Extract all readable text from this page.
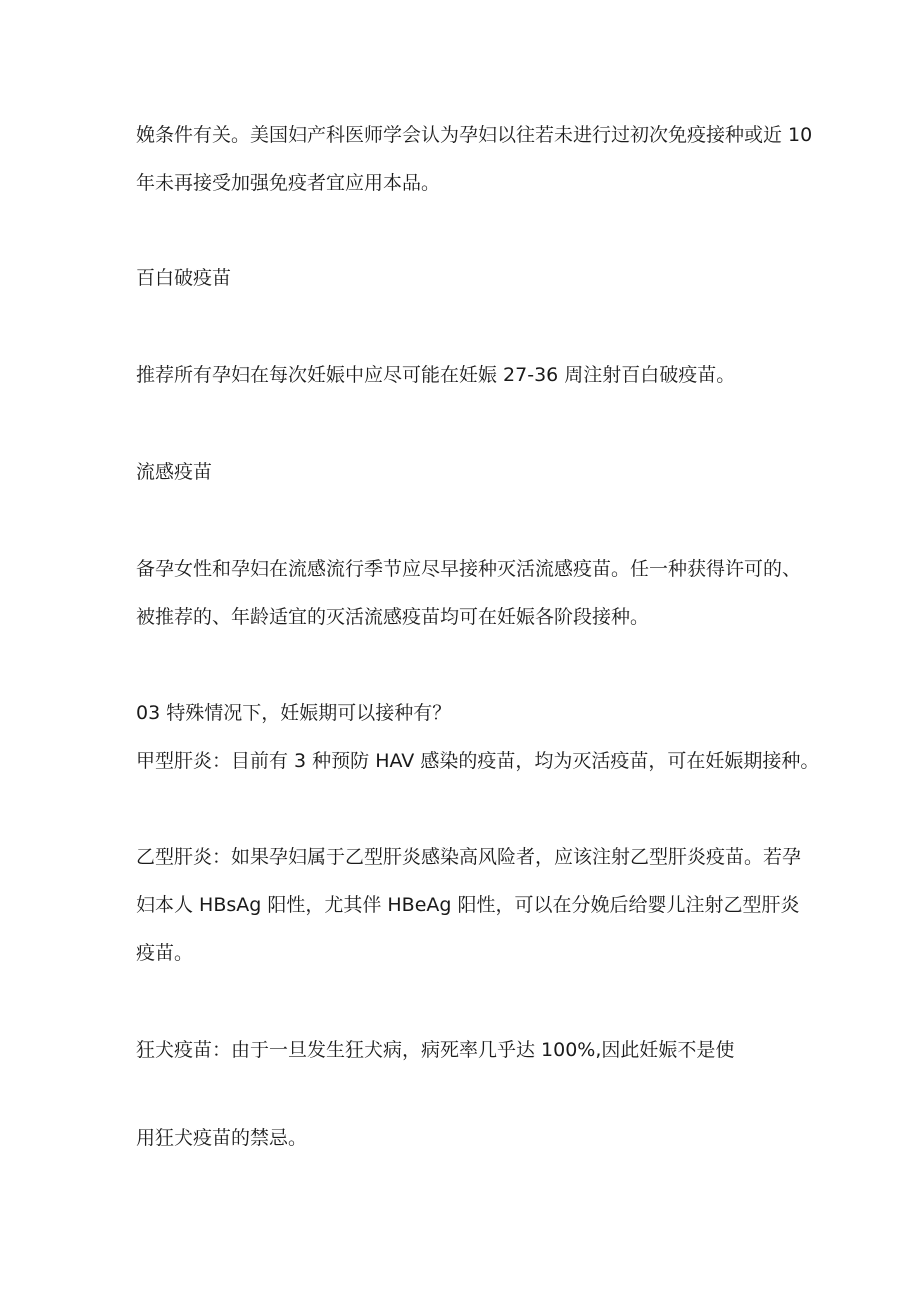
娩条件有关。美国妇产科医师学会认为孕妇以往若未进行过初次免疫接种或近 10
年未再接受加强免疫者宜应用本品。
百白破疫苗
推荐所有孕妇在每次妊娠中应尽可能在妊娠 27-36 周注射百白破疫苗。
流感疫苗
备孕女性和孕妇在流感流行季节应尽早接种灭活流感疫苗。任一种获得许可的、
被推荐的、年龄适宜的灭活流感疫苗均可在妊娠各阶段接种。
03 特殊情况下，妊娠期可以接种有？
甲型肝炎：目前有 3 种预防 HAV 感染的疫苗，均为灭活疫苗，可在妊娠期接种。
乙型肝炎：如果孕妇属于乙型肝炎感染高风险者，应该注射乙型肝炎疫苗。若孕
妇本人 HBsAg 阳性，尤其伴 HBeAg 阳性，可以在分娩后给婴儿注射乙型肝炎
疫苗。
狂犬疫苗：由于一旦发生狂犬病，病死率几乎达 100%,因此妊娠不是使
用狂犬疫苗的禁忌。
